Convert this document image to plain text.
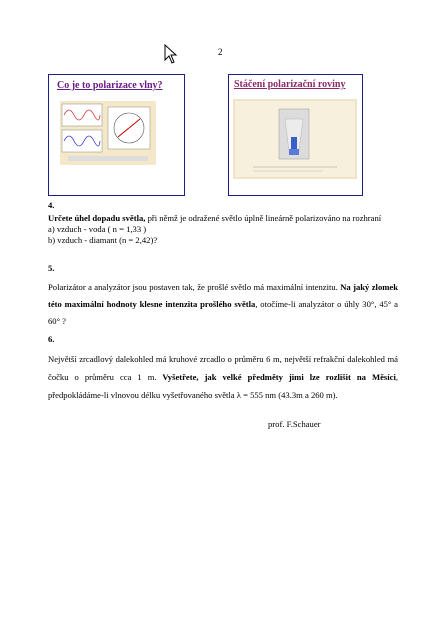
2
Co je to polarizace vlny?	Stáčení polarizační roviny
4.
Určete úhel dopadu světla, při němž je odražené světlo úplně lineárně polarizováno na rozhraní
a) vzduch - voda ( n = 1,33 )
b) vzduch - diamant (n = 2,42)?
5.
Polarizátor a analyzátor jsou postaven tak, že prošlé světlo má maximální intenzitu. Na jaký zlomek této maximální hodnoty klesne intenzita prošlého světla, otočíme-li analyzátor o úhly 30°, 45° a 60° ?
6.
Největší zrcadlový dalekohled má kruhové zrcadlo o průměru 6 m, největší refrakční dalekohled má čočku o průměru cca 1 m. Vyšetřete, jak velké předměty jimi lze rozlišit na Měsíci, předpokládáme-li vlnovou délku vyšetřovaného světla λ = 555 nm (43.3m a 260 m).
prof. F.Schauer
